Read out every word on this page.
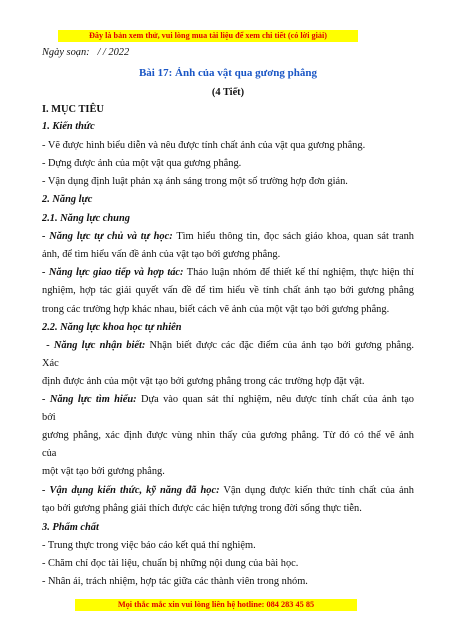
Đây là bản xem thử, vui lòng mua tài liệu để xem chi tiết (có lời giải)
Ngày soạn:   / / 2022
Bài 17: Ảnh của vật qua gương phẳng
(4 Tiết)
I. MỤC TIÊU
1. Kiến thức
- Vẽ được hình biểu diễn và nêu được tính chất ảnh của vật qua gương phẳng.
- Dựng được ảnh của một vật qua gương phẳng.
- Vận dụng định luật phản xạ ánh sáng trong một số trường hợp đơn giản.
2. Năng lực
2.1. Năng lực chung
- Năng lực tự chủ và tự học: Tìm hiểu thông tin, đọc sách giáo khoa, quan sát tranh
ảnh, để tìm hiểu vấn đề ảnh của vật tạo bởi gương phẳng.
- Năng lực giao tiếp và hợp tác: Thảo luận nhóm để thiết kế thí nghiệm, thực hiện thí
nghiệm, hợp tác giải quyết vấn đề để tìm hiểu về tính chất ảnh tạo bởi gương phẳng
trong các trường hợp khác nhau, biết cách vẽ ảnh của một vật tạo bởi gương phẳng.
2.2. Năng lực khoa học tự nhiên
- Năng lực nhận biết: Nhận biết được các đặc điểm của ảnh tạo bởi gương phẳng.
Xác
định được ảnh của một vật tạo bởi gương phẳng trong các trường hợp đặt vật.
- Năng lực tìm hiểu: Dựa vào quan sát thí nghiệm, nêu được tính chất của ảnh tạo
bởi
gương phẳng, xác định được vùng nhìn thấy của gương phẳng. Từ đó có thể vẽ ảnh
của
một vật tạo bởi gương phẳng.
- Vận dụng kiến thức, kỹ năng đã học: Vận dụng được kiến thức tính chất của ảnh
tạo bởi gương phẳng giải thích được các hiện tượng trong đời sống thực tiễn.
3. Phẩm chất
- Trung thực trong việc báo cáo kết quả thí nghiệm.
- Chăm chỉ đọc tài liệu, chuẩn bị những nội dung của bài học.
- Nhân ái, trách nhiệm, hợp tác giữa các thành viên trong nhóm.
Mọi thắc mắc xin vui lòng liên hệ hotline: 084 283 45 85
